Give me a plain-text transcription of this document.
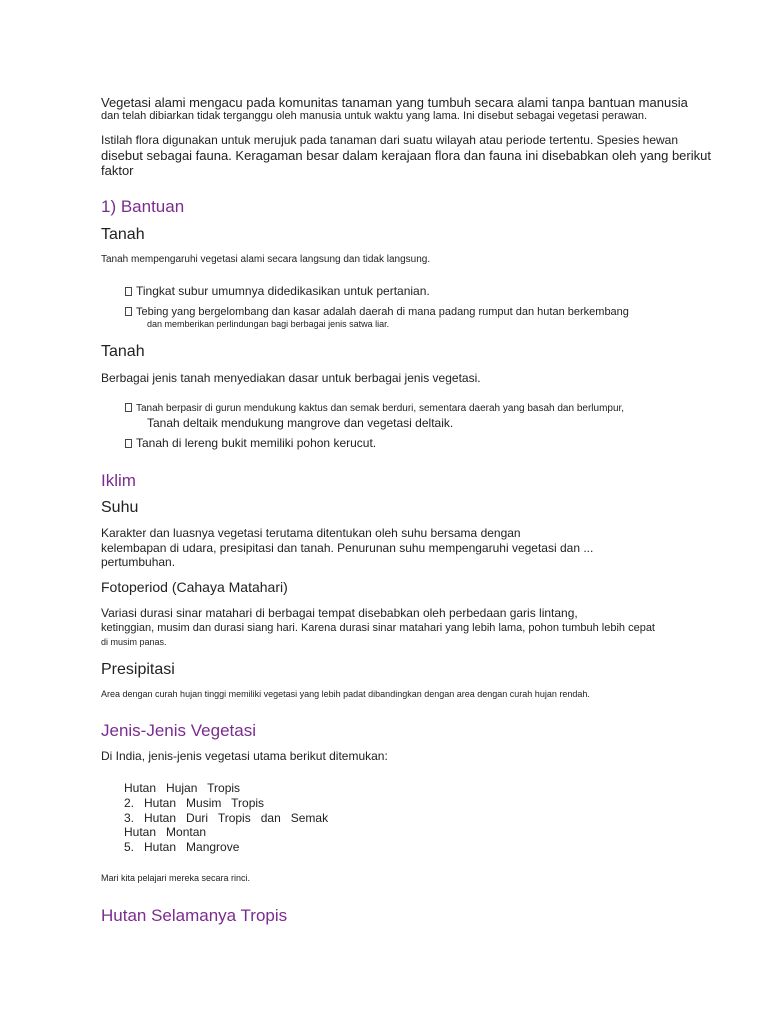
Vegetasi alami mengacu pada komunitas tanaman yang tumbuh secara alami tanpa bantuan manusia
dan telah dibiarkan tidak terganggu oleh manusia untuk waktu yang lama. Ini disebut sebagai vegetasi perawan.
Istilah flora digunakan untuk merujuk pada tanaman dari suatu wilayah atau periode tertentu. Spesies hewan
disebut sebagai fauna. Keragaman besar dalam kerajaan flora dan fauna ini disebabkan oleh yang berikut
faktor
1) Bantuan
Tanah
Tanah mempengaruhi vegetasi alami secara langsung dan tidak langsung.
Tingkat subur umumnya didedikasikan untuk pertanian.
Tebing yang bergelombang dan kasar adalah daerah di mana padang rumput dan hutan berkembang
dan memberikan perlindungan bagi berbagai jenis satwa liar.
Tanah
Berbagai jenis tanah menyediakan dasar untuk berbagai jenis vegetasi.
Tanah berpasir di gurun mendukung kaktus dan semak berduri, sementara daerah yang basah dan berlumpur,
Tanah deltaik mendukung mangrove dan vegetasi deltaik.
Tanah di lereng bukit memiliki pohon kerucut.
Iklim
Suhu
Karakter dan luasnya vegetasi terutama ditentukan oleh suhu bersama dengan
kelembapan di udara, presipitasi dan tanah. Penurunan suhu mempengaruhi vegetasi dan ...
pertumbuhan.
Fotoperiod (Cahaya Matahari)
Variasi durasi sinar matahari di berbagai tempat disebabkan oleh perbedaan garis lintang,
ketinggian, musim dan durasi siang hari. Karena durasi sinar matahari yang lebih lama, pohon tumbuh lebih cepat
di musim panas.
Presipitasi
Area dengan curah hujan tinggi memiliki vegetasi yang lebih padat dibandingkan dengan area dengan curah hujan rendah.
Jenis-Jenis Vegetasi
Di India, jenis-jenis vegetasi utama berikut ditemukan:
Hutan   Hujan   Tropis
2.   Hutan   Musim   Tropis
3.   Hutan   Duri   Tropis   dan   Semak
Hutan   Montan
5.   Hutan   Mangrove
Mari kita pelajari mereka secara rinci.
Hutan Selamanya Tropis
